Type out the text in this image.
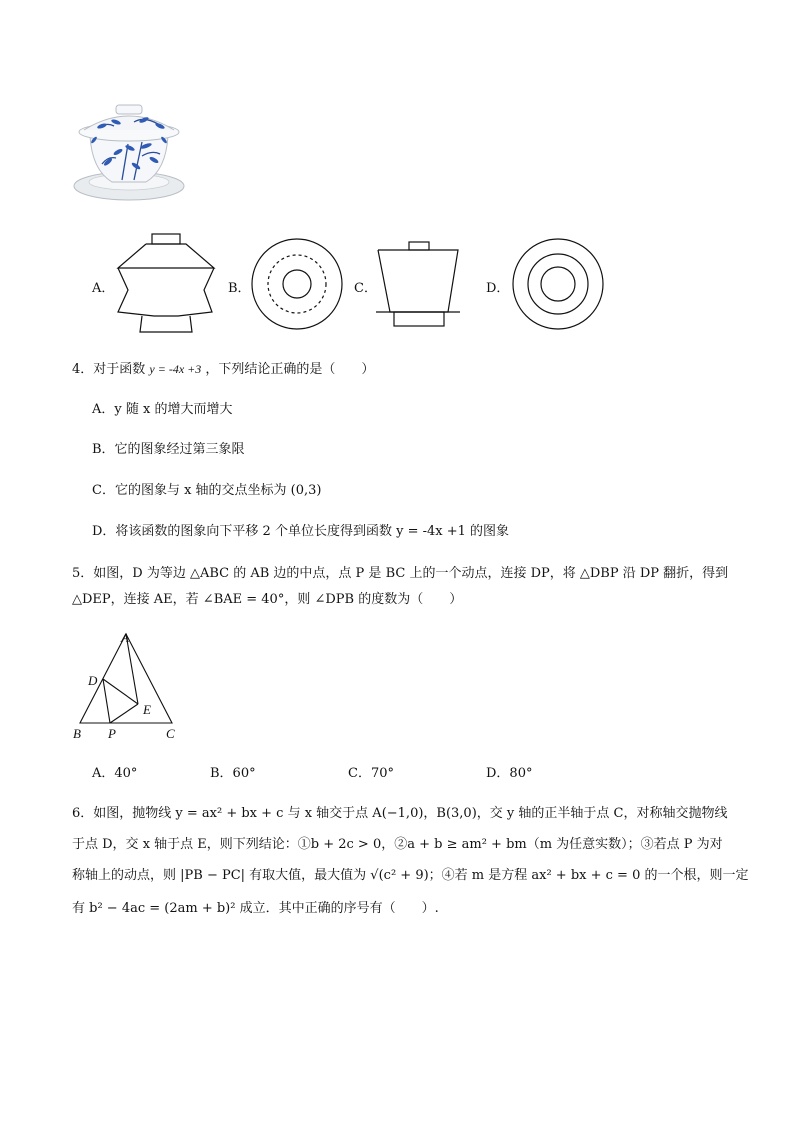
A．	B．	C．	D．
4．对于函数 y = -4x +3 ，下列结论正确的是（　　）
A．y 随 x 的增大而增大
B．它的图象经过第三象限
C．它的图象与 x 轴的交点坐标为 (0,3)
D．将该函数的图象向下平移 2 个单位长度得到函数 y = -4x +1 的图象
5．如图，D 为等边 △ABC 的 AB 边的中点，点 P 是 BC 上的一个动点，连接 DP，将 △DBP 沿 DP 翻折，得到
△DEP，连接 AE，若 ∠BAE = 40°，则 ∠DPB 的度数为（　　）
A
D
E
B P	C
A．40°	B．60°	C．70°	D．80°
6．如图，抛物线 y = ax² + bx + c 与 x 轴交于点 A(−1,0)，B(3,0)，交 y 轴的正半轴于点 C，对称轴交抛物线
于点 D，交 x 轴于点 E，则下列结论：①b + 2c > 0，②a + b ≥ am² + bm（m 为任意实数）；③若点 P 为对
称轴上的动点，则 |PB − PC| 有取大值，最大值为 √(c² + 9)；④若 m 是方程 ax² + bx + c = 0 的一个根，则一定
有 b² − 4ac = (2am + b)² 成立．其中正确的序号有（　　）.
